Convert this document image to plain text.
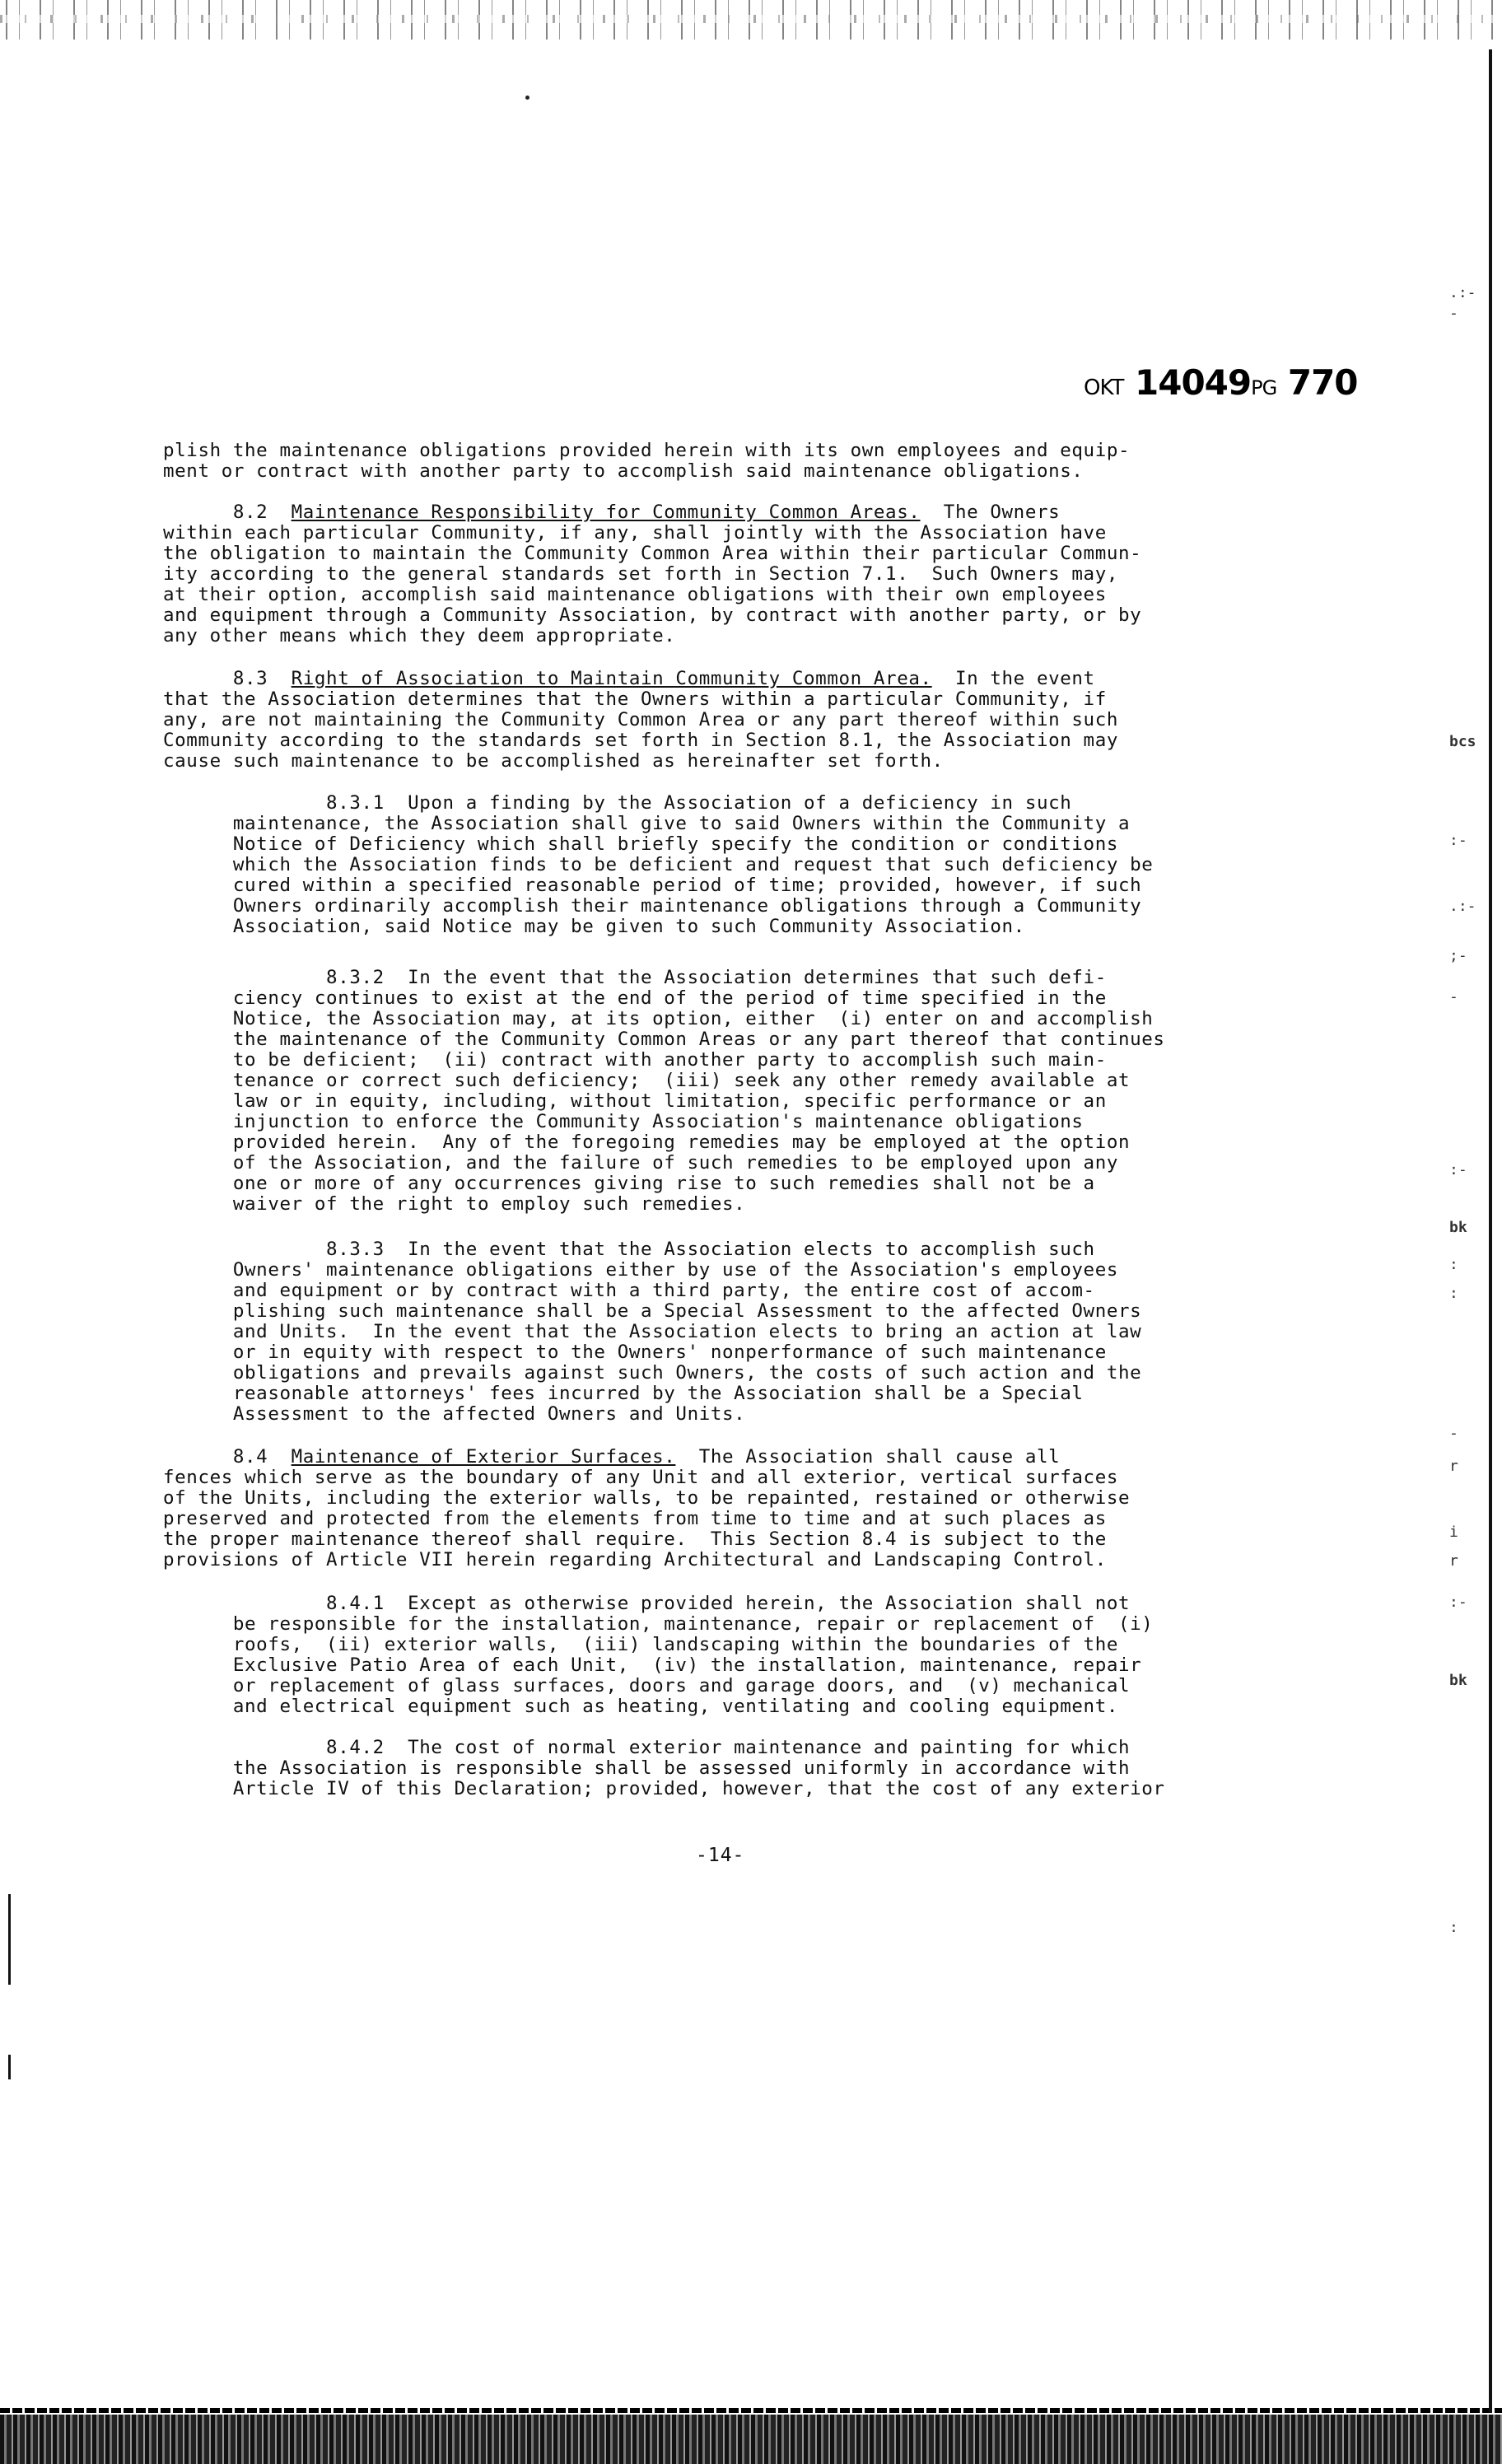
.:-
-
bcs
:-
.:-
;-
-
:-
bk
:
:
-
r
i
r
:-
bk
:
OKT 14049PG 770
plish the maintenance obligations provided herein with its own employees and equip-
ment or contract with another party to accomplish said maintenance obligations.
8.2  Maintenance Responsibility for Community Common Areas.  The Owners
within each particular Community, if any, shall jointly with the Association have
the obligation to maintain the Community Common Area within their particular Commun-
ity according to the general standards set forth in Section 7.1.  Such Owners may,
at their option, accomplish said maintenance obligations with their own employees
and equipment through a Community Association, by contract with another party, or by
any other means which they deem appropriate.
8.3  Right of Association to Maintain Community Common Area.  In the event
that the Association determines that the Owners within a particular Community, if
any, are not maintaining the Community Common Area or any part thereof within such
Community according to the standards set forth in Section 8.1, the Association may
cause such maintenance to be accomplished as hereinafter set forth.
8.3.1  Upon a finding by the Association of a deficiency in such
maintenance, the Association shall give to said Owners within the Community a
Notice of Deficiency which shall briefly specify the condition or conditions
which the Association finds to be deficient and request that such deficiency be
cured within a specified reasonable period of time; provided, however, if such
Owners ordinarily accomplish their maintenance obligations through a Community
Association, said Notice may be given to such Community Association.
8.3.2  In the event that the Association determines that such defi-
ciency continues to exist at the end of the period of time specified in the
Notice, the Association may, at its option, either  (i) enter on and accomplish
the maintenance of the Community Common Areas or any part thereof that continues
to be deficient;  (ii) contract with another party to accomplish such main-
tenance or correct such deficiency;  (iii) seek any other remedy available at
law or in equity, including, without limitation, specific performance or an
injunction to enforce the Community Association's maintenance obligations
provided herein.  Any of the foregoing remedies may be employed at the option
of the Association, and the failure of such remedies to be employed upon any
one or more of any occurrences giving rise to such remedies shall not be a
waiver of the right to employ such remedies.
8.3.3  In the event that the Association elects to accomplish such
Owners' maintenance obligations either by use of the Association's employees
and equipment or by contract with a third party, the entire cost of accom-
plishing such maintenance shall be a Special Assessment to the affected Owners
and Units.  In the event that the Association elects to bring an action at law
or in equity with respect to the Owners' nonperformance of such maintenance
obligations and prevails against such Owners, the costs of such action and the
reasonable attorneys' fees incurred by the Association shall be a Special
Assessment to the affected Owners and Units.
8.4  Maintenance of Exterior Surfaces.  The Association shall cause all
fences which serve as the boundary of any Unit and all exterior, vertical surfaces
of the Units, including the exterior walls, to be repainted, restained or otherwise
preserved and protected from the elements from time to time and at such places as
the proper maintenance thereof shall require.  This Section 8.4 is subject to the
provisions of Article VII herein regarding Architectural and Landscaping Control.
8.4.1  Except as otherwise provided herein, the Association shall not
be responsible for the installation, maintenance, repair or replacement of  (i)
roofs,  (ii) exterior walls,  (iii) landscaping within the boundaries of the
Exclusive Patio Area of each Unit,  (iv) the installation, maintenance, repair
or replacement of glass surfaces, doors and garage doors, and  (v) mechanical
and electrical equipment such as heating, ventilating and cooling equipment.
8.4.2  The cost of normal exterior maintenance and painting for which
the Association is responsible shall be assessed uniformly in accordance with
Article IV of this Declaration; provided, however, that the cost of any exterior
-14-
